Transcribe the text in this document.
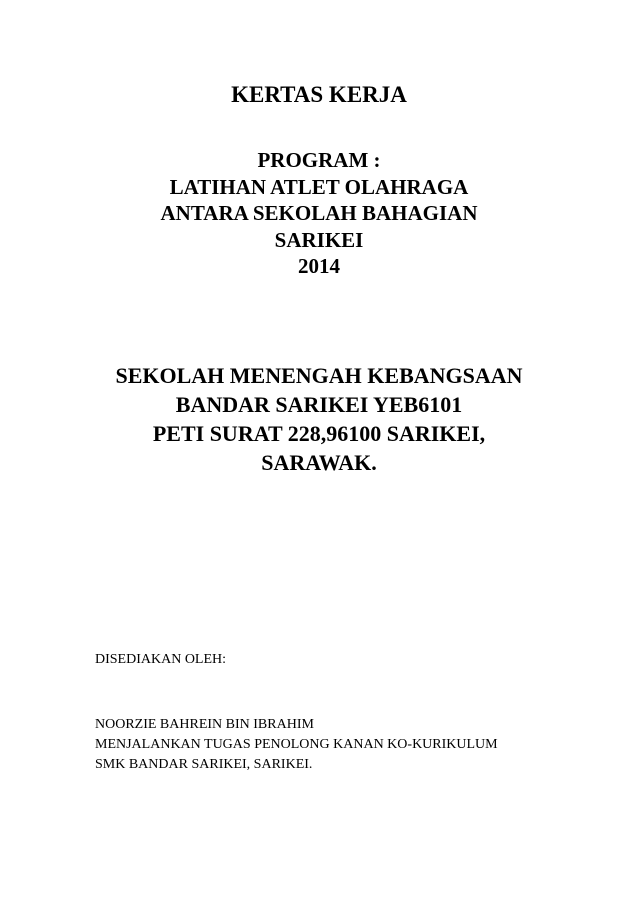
KERTAS KERJA
PROGRAM :
LATIHAN ATLET OLAHRAGA
ANTARA SEKOLAH BAHAGIAN
SARIKEI
2014
SEKOLAH MENENGAH KEBANGSAAN
BANDAR SARIKEI YEB6101
PETI SURAT 228,96100 SARIKEI,
SARAWAK.
DISEDIAKAN OLEH:
NOORZIE BAHREIN BIN IBRAHIM
MENJALANKAN TUGAS PENOLONG KANAN KO-KURIKULUM
SMK BANDAR SARIKEI, SARIKEI.
